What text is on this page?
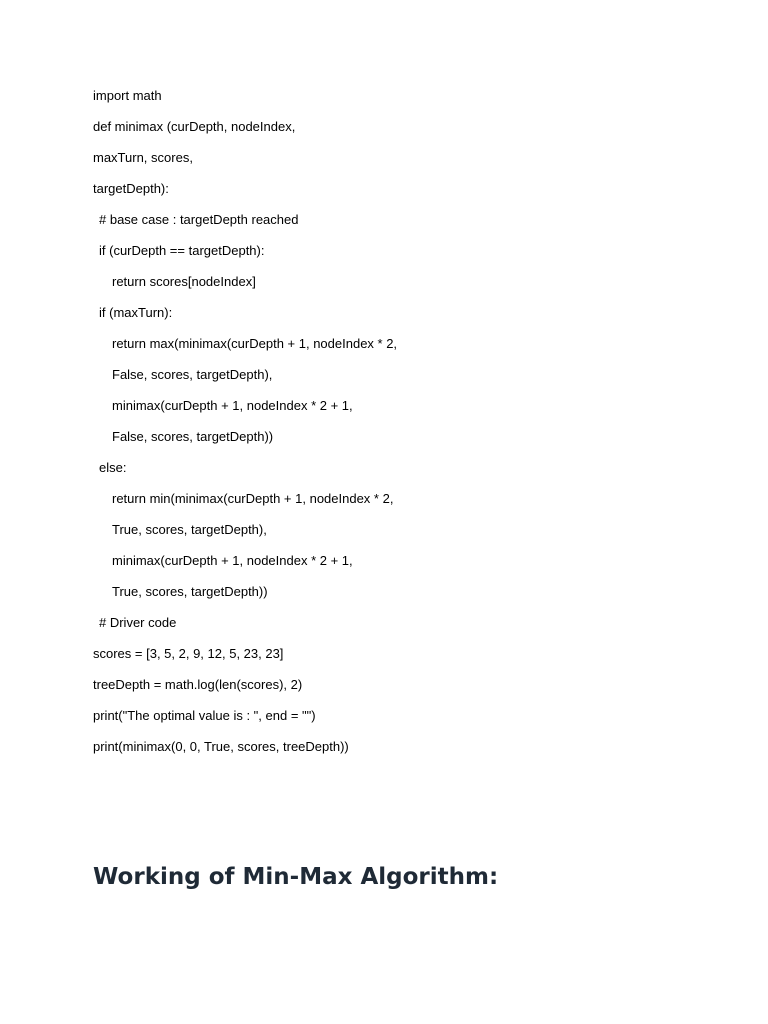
import math
def minimax (curDepth, nodeIndex,
maxTurn, scores,
targetDepth):
# base case : targetDepth reached
if (curDepth == targetDepth):
return scores[nodeIndex]
if (maxTurn):
return max(minimax(curDepth + 1, nodeIndex * 2,
False, scores, targetDepth),
minimax(curDepth + 1, nodeIndex * 2 + 1,
False, scores, targetDepth))
else:
return min(minimax(curDepth + 1, nodeIndex * 2,
True, scores, targetDepth),
minimax(curDepth + 1, nodeIndex * 2 + 1,
True, scores, targetDepth))
# Driver code
scores = [3, 5, 2, 9, 12, 5, 23, 23]
treeDepth = math.log(len(scores), 2)
print("The optimal value is : ", end = "")
print(minimax(0, 0, True, scores, treeDepth))
Working of Min-Max Algorithm:
